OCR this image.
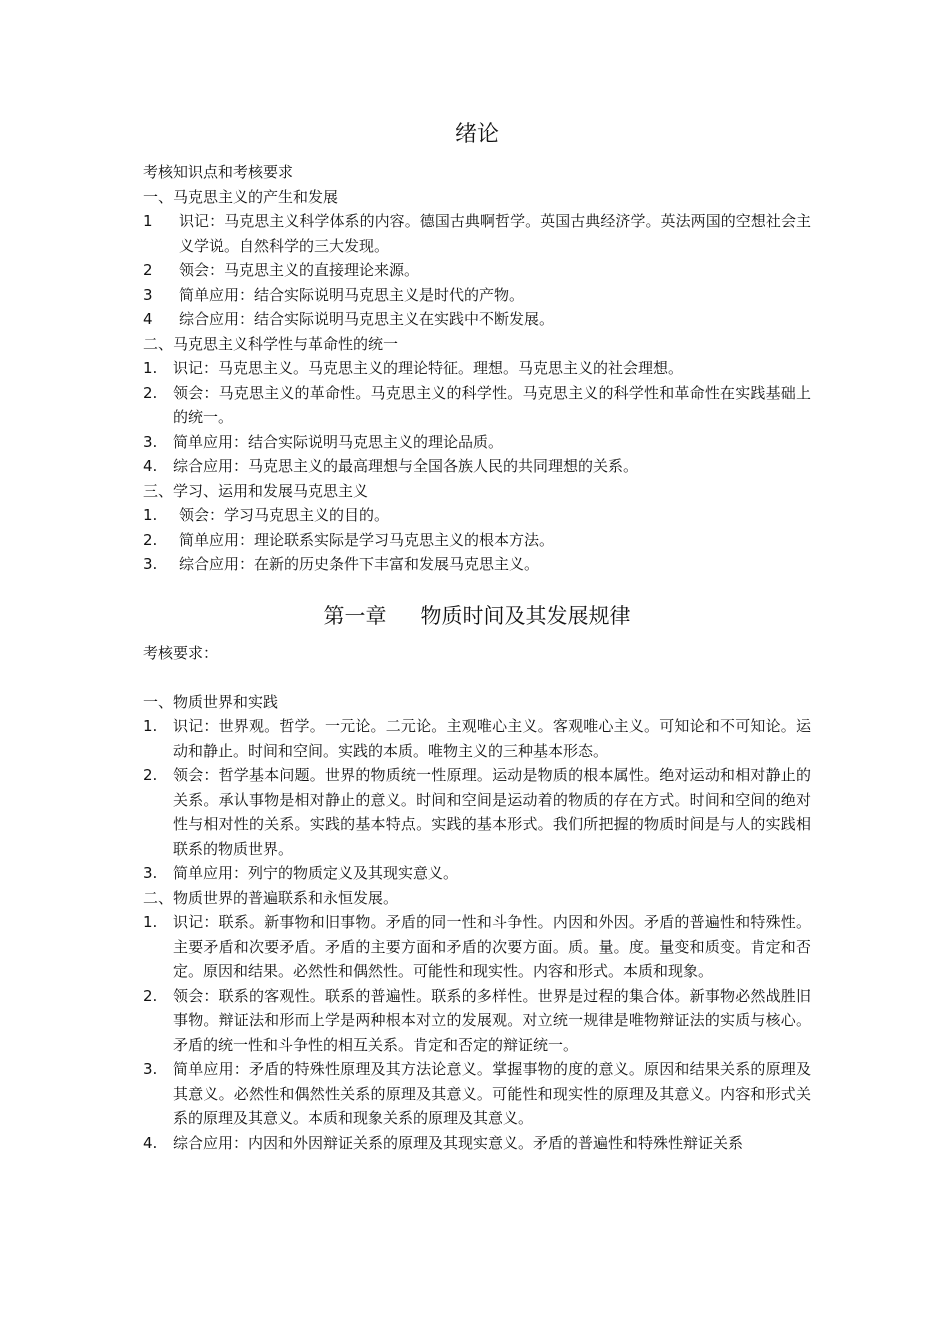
绪论

考核知识点和考核要求

一、马克思主义的产生和发展

1	识记：马克思主义科学体系的内容。德国古典啊哲学。英国古典经济学。英法两国的空想社会主义学说。自然科学的三大发现。
2	领会：马克思主义的直接理论来源。
3	简单应用：结合实际说明马克思主义是时代的产物。
4	综合应用：结合实际说明马克思主义在实践中不断发展。

二、马克思主义科学性与革命性的统一

1.	识记：马克思主义。马克思主义的理论特征。理想。马克思主义的社会理想。
2.	领会：马克思主义的革命性。马克思主义的科学性。马克思主义的科学性和革命性在实践基础上的统一。
3.	简单应用：结合实际说明马克思主义的理论品质。
4.	综合应用：马克思主义的最高理想与全国各族人民的共同理想的关系。

三、学习、运用和发展马克思主义

1.	领会：学习马克思主义的目的。
2.	简单应用：理论联系实际是学习马克思主义的根本方法。
3.	综合应用：在新的历史条件下丰富和发展马克思主义。
第一章 物质时间及其发展规律

考核要求：

一、物质世界和实践

1.	识记：世界观。哲学。一元论。二元论。主观唯心主义。客观唯心主义。可知论和不可知论。运动和静止。时间和空间。实践的本质。唯物主义的三种基本形态。
2.	领会：哲学基本问题。世界的物质统一性原理。运动是物质的根本属性。绝对运动和相对静止的关系。承认事物是相对静止的意义。时间和空间是运动着的物质的存在方式。时间和空间的绝对性与相对性的关系。实践的基本特点。实践的基本形式。我们所把握的物质时间是与人的实践相联系的物质世界。
3.	简单应用：列宁的物质定义及其现实意义。

二、物质世界的普遍联系和永恒发展。

1.	识记：联系。新事物和旧事物。矛盾的同一性和斗争性。内因和外因。矛盾的普遍性和特殊性。主要矛盾和次要矛盾。矛盾的主要方面和矛盾的次要方面。质。量。度。量变和质变。肯定和否定。原因和结果。必然性和偶然性。可能性和现实性。内容和形式。本质和现象。
2.	领会：联系的客观性。联系的普遍性。联系的多样性。世界是过程的集合体。新事物必然战胜旧事物。辩证法和形而上学是两种根本对立的发展观。对立统一规律是唯物辩证法的实质与核心。矛盾的统一性和斗争性的相互关系。肯定和否定的辩证统一。
3.	简单应用：矛盾的特殊性原理及其方法论意义。掌握事物的度的意义。原因和结果关系的原理及其意义。必然性和偶然性关系的原理及其意义。可能性和现实性的原理及其意义。内容和形式关系的原理及其意义。本质和现象关系的原理及其意义。
4.	综合应用：内因和外因辩证关系的原理及其现实意义。矛盾的普遍性和特殊性辩证关系
